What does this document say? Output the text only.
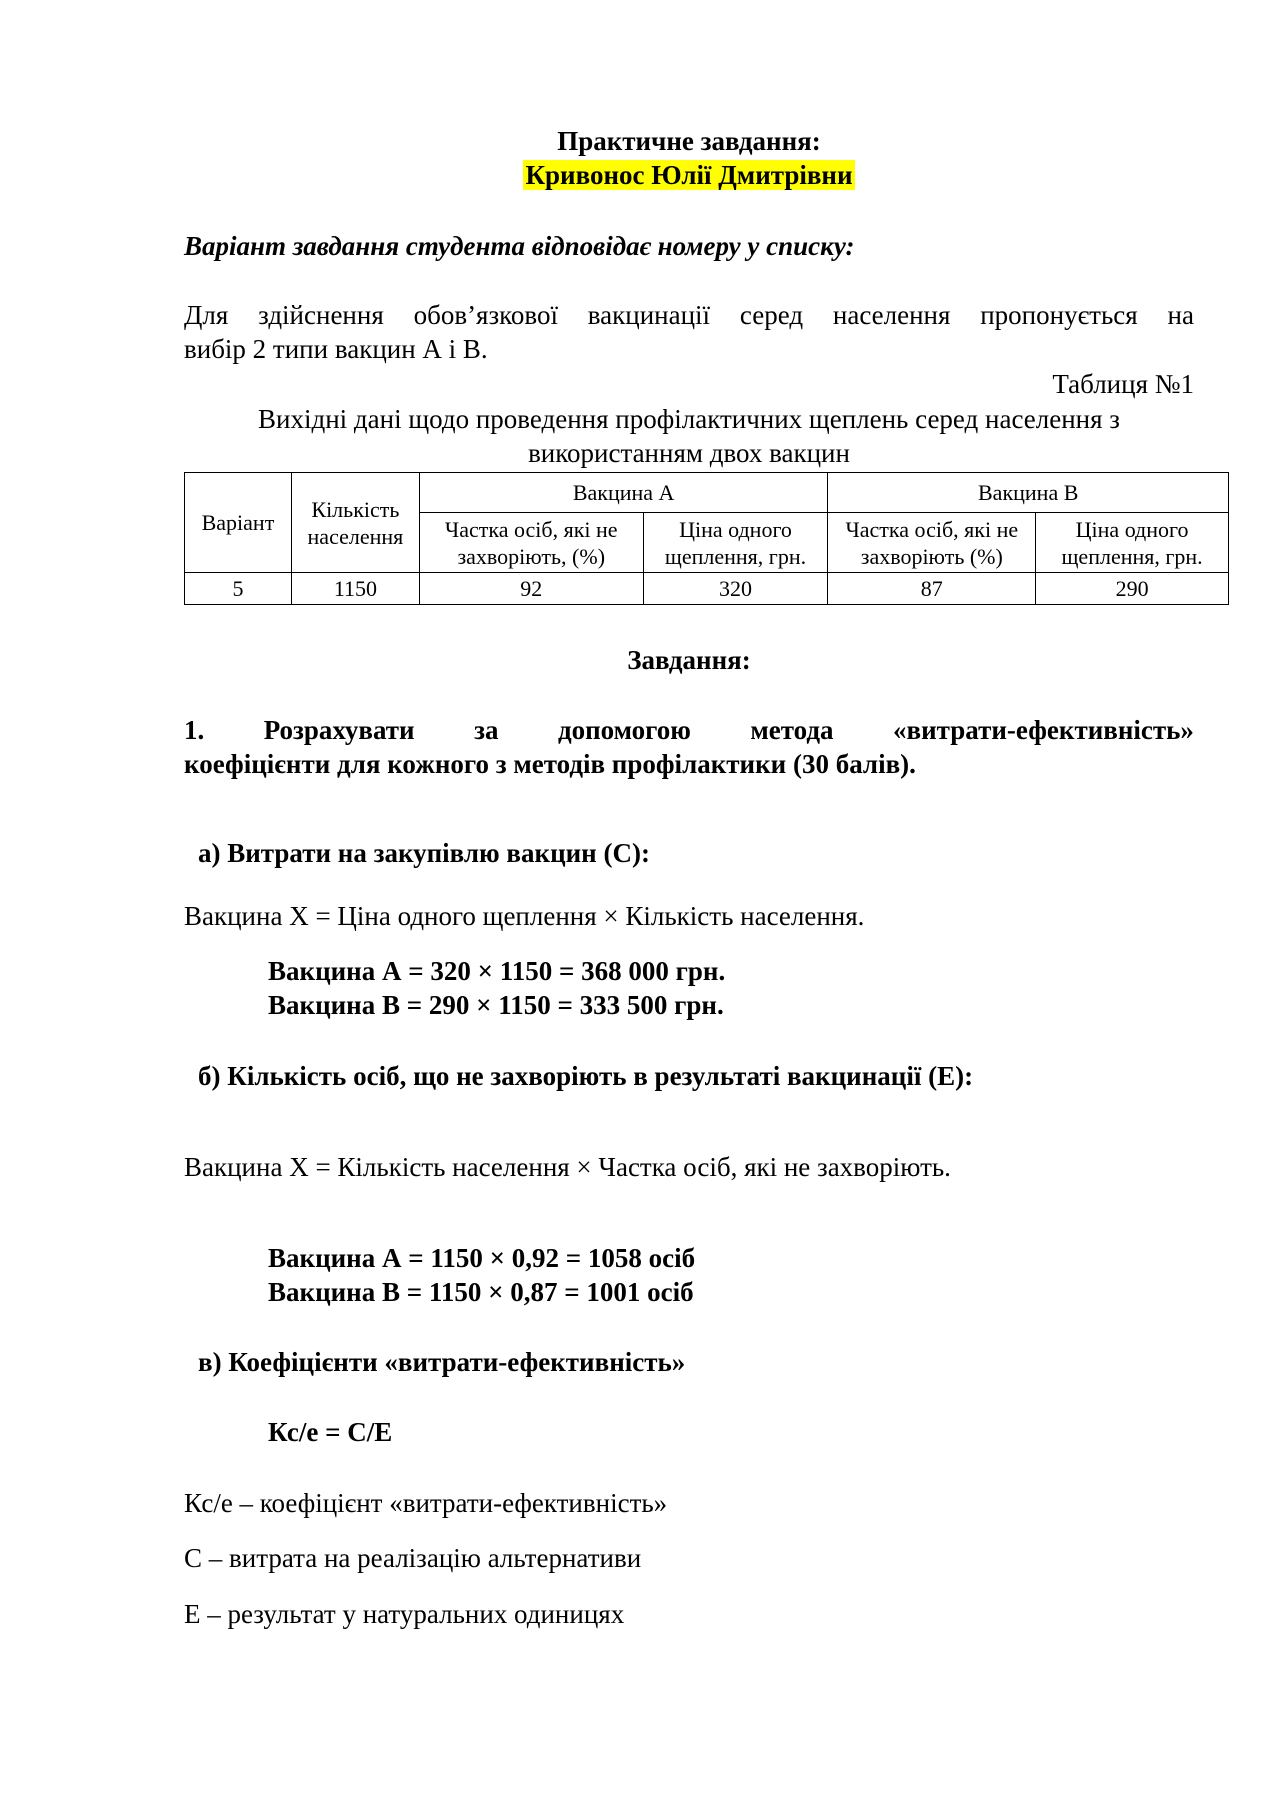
Практичне завдання:
Кривонос Юлії Дмитрівни
Варіант завдання студента відповідає номеру у списку:
Для здійснення обов’язкової вакцинації серед населення пропонується на
вибір 2 типи вакцин А і В.
Таблиця №1
Вихідні дані щодо проведення профілактичних щеплень серед населення з
використанням двох вакцин
Варіант	Кількість населення	Вакцина А		Вакцина В	
		Частка осіб, які не захворіють, (%)	Ціна одного щеплення, грн.	Частка осіб, які не захворіють (%)	Ціна одного щеплення, грн.
5	1150	92	320	87	290
Завдання:
1. Розрахувати за допомогою метода «витрати-ефективність»
коефіцієнти для кожного з методів профілактики (30 балів).
а) Витрати на закупівлю вакцин (С):
Вакцина Х = Ціна одного щеплення × Кількість населення.
Вакцина А = 320 × 1150 = 368 000 грн.
Вакцина В = 290 × 1150 = 333 500 грн.
б) Кількість осіб, що не захворіють в результаті вакцинації (Е):
Вакцина Х = Кількість населення × Частка осіб, які не захворіють.
Вакцина А = 1150 × 0,92 = 1058 осіб
Вакцина В = 1150 × 0,87 = 1001 осіб
в) Коефіцієнти «витрати-ефективність»
Кс/е = С/Е
Кс/е – коефіцієнт «витрати-ефективність»
С – витрата на реалізацію альтернативи
Е – результат у натуральних одиницях
